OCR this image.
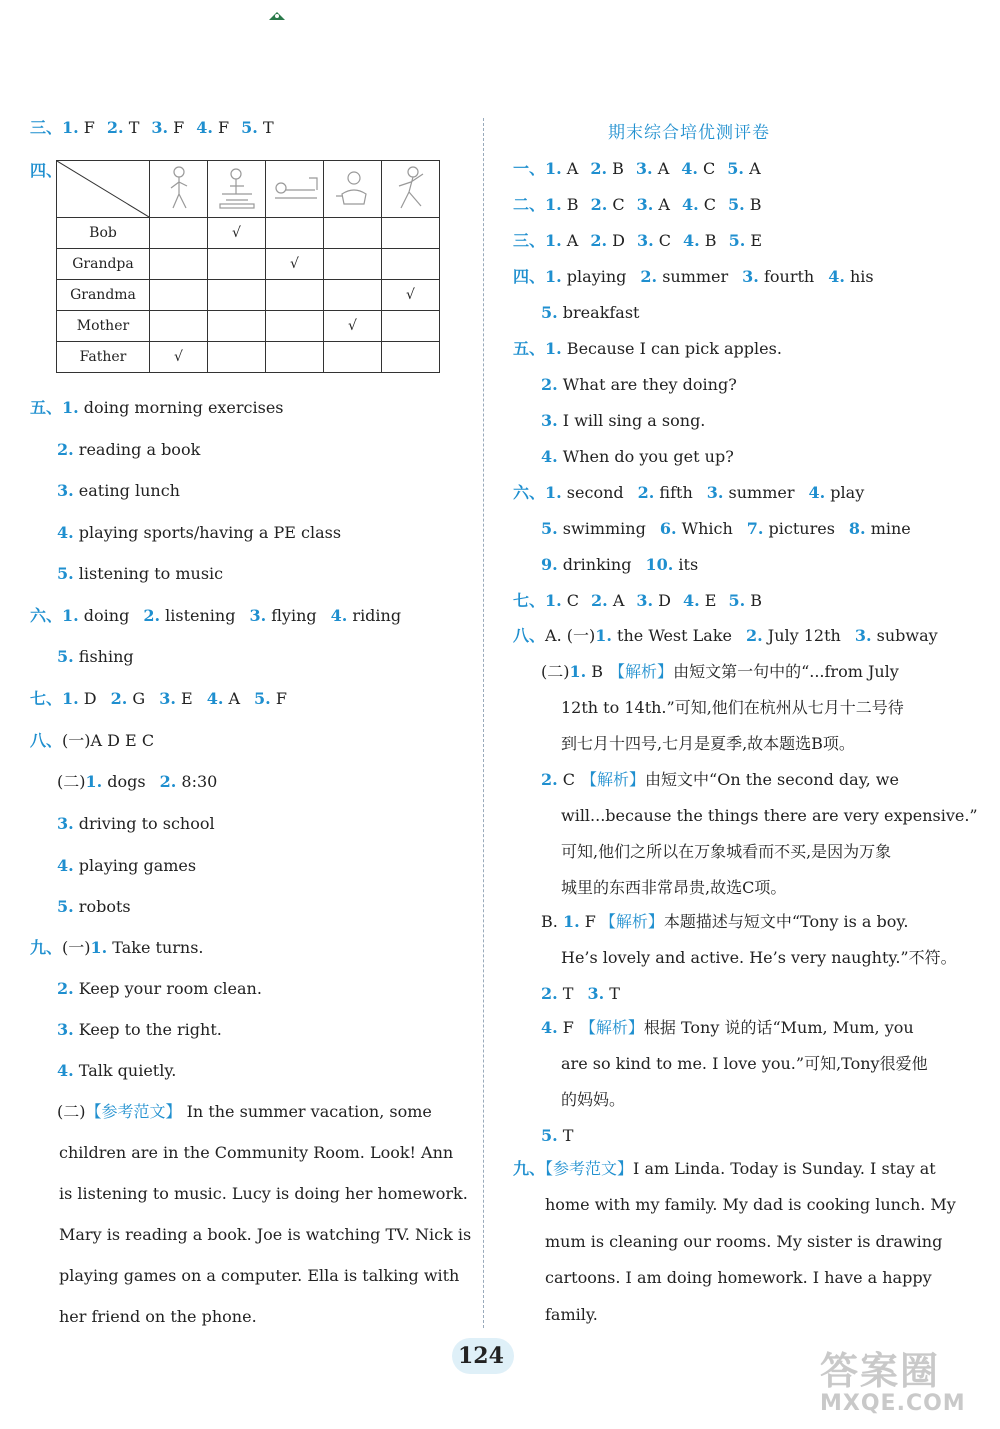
Bob		√			
Grandpa			√		
Grandma					√
Mother				√	
Father	√				
期末综合培优测评卷
124	答案圈
MXQE.COM
三、1. F 2. T 3. F 4. F 5. T
四、
五、1. doing morning exercises
2. reading a book
3. eating lunch
4. playing sports/having a PE class
5. listening to music
六、1. doing 2. listening 3. flying 4. riding
5. fishing
七、1. D 2. G 3. E 4. A 5. F
八、(一)A D E C
(二)1. dogs 2. 8:30
3. driving to school
4. playing games
5. robots
九、(一)1. Take turns.
2. Keep your room clean.
3. Keep to the right.
4. Talk quietly.
(二)【参考范文】 In the summer vacation, some
children are in the Community Room. Look! Ann
is listening to music. Lucy is doing her homework.
Mary is reading a book. Joe is watching TV. Nick is
playing games on a computer. Ella is talking with
her friend on the phone.
一、1. A 2. B 3. A 4. C 5. A
二、1. B 2. C 3. A 4. C 5. B
三、1. A 2. D 3. C 4. B 5. E
四、1. playing 2. summer 3. fourth 4. his
5. breakfast
五、1. Because I can pick apples.
2. What are they doing?
3. I will sing a song.
4. When do you get up?
六、1. second 2. fifth 3. summer 4. play
5. swimming 6. Which 7. pictures 8. mine
9. drinking 10. its
七、1. C 2. A 3. D 4. E 5. B
八、A. (一)1. the West Lake 2. July 12th 3. subway
(二)1. B 【解析】由短文第一句中的“...from July
12th to 14th.”可知,他们在杭州从七月十二号待
到七月十四号,七月是夏季,故本题选B项。
2. C 【解析】由短文中“On the second day, we
will...because the things there are very expensive.”
可知,他们之所以在万象城看而不买,是因为万象
城里的东西非常昂贵,故选C项。
B. 1. F 【解析】本题描述与短文中“Tony is a boy.
He’s lovely and active. He’s very naughty.”不符。
2. T 3. T
4. F 【解析】根据 Tony 说的话“Mum, Mum, you
are so kind to me. I love you.”可知,Tony很爱他
的妈妈。
5. T
九、【参考范文】I am Linda. Today is Sunday. I stay at
home with my family. My dad is cooking lunch. My
mum is cleaning our rooms. My sister is drawing
cartoons. I am doing homework. I have a happy
family.
